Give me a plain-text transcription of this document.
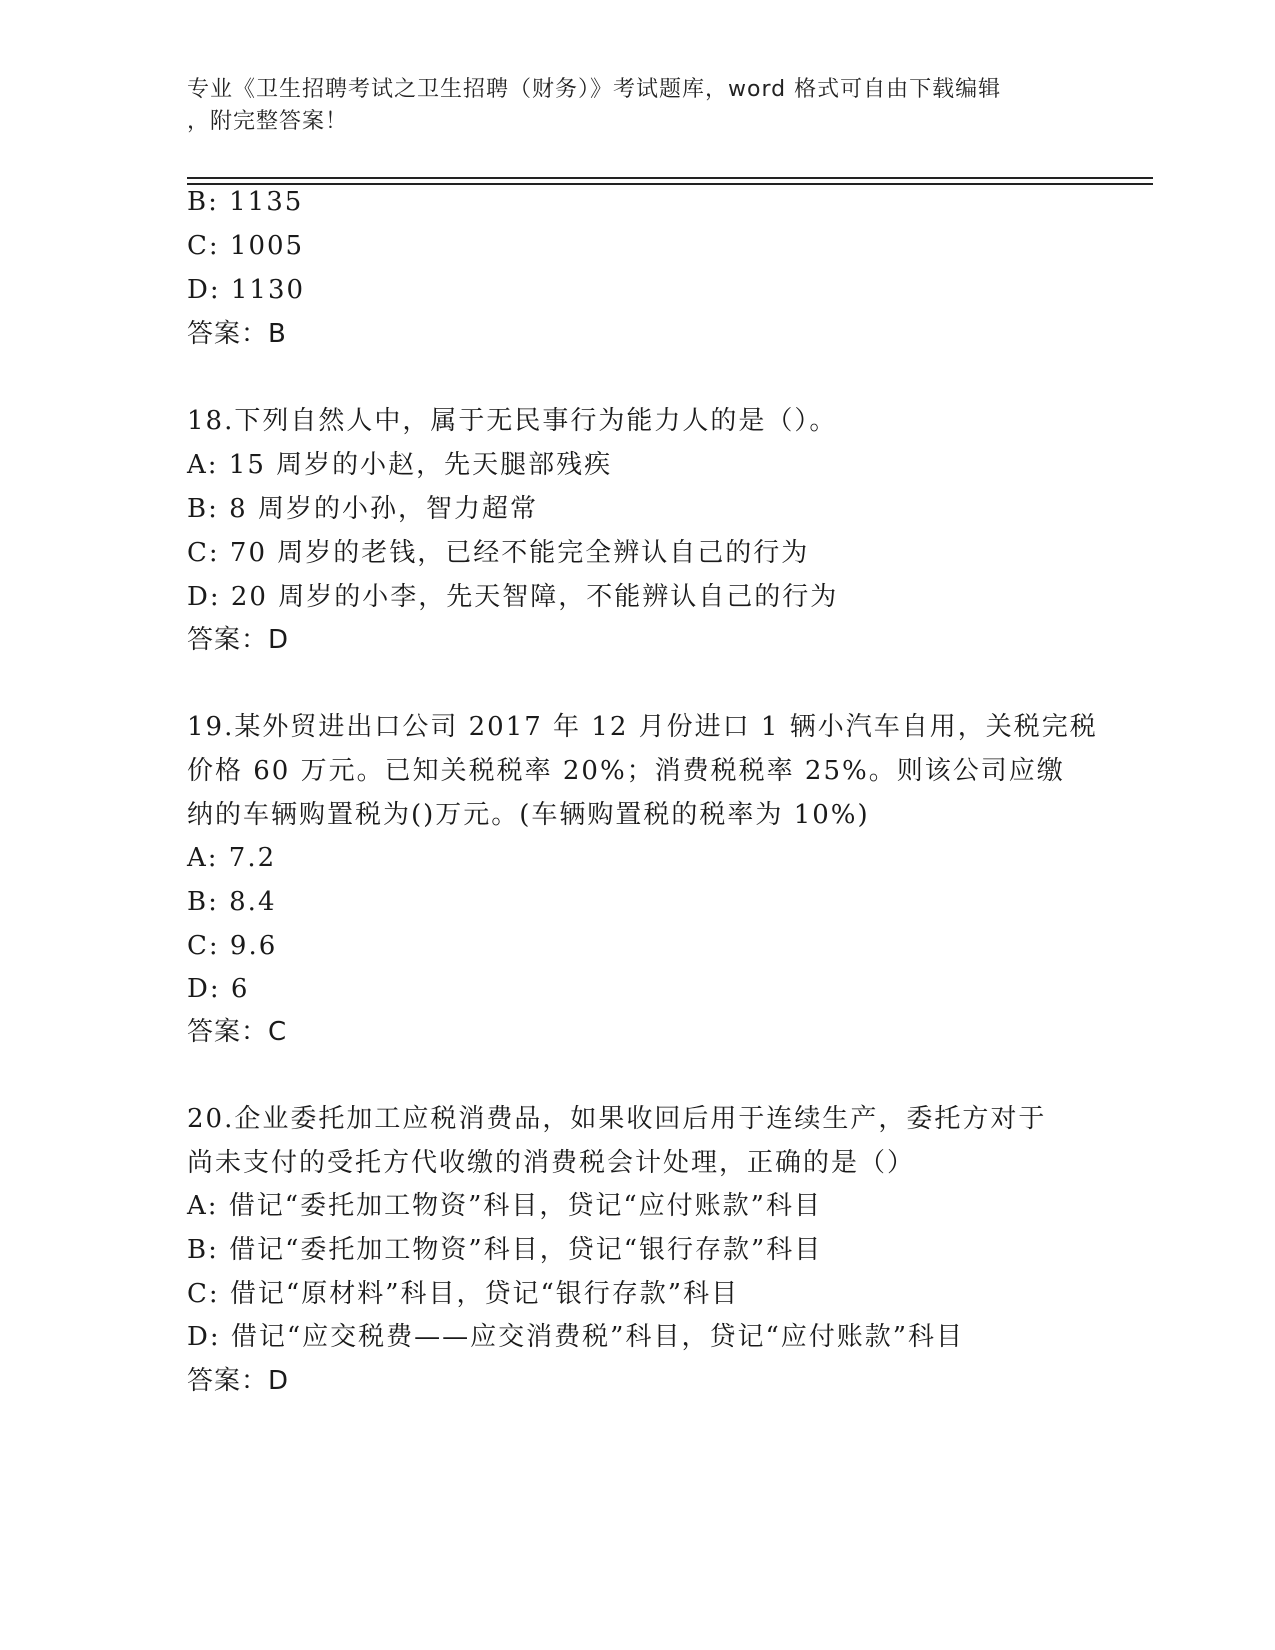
专业《卫生招聘考试之卫生招聘（财务）》考试题库，word 格式可自由下载编辑
，附完整答案！
B: 1135
C: 1005
D: 1130
答案：B
18.下列自然人中，属于无民事行为能力人的是（）。
A: 15 周岁的小赵，先天腿部残疾
B: 8 周岁的小孙，智力超常
C: 70 周岁的老钱，已经不能完全辨认自己的行为
D: 20 周岁的小李，先天智障，不能辨认自己的行为
答案：D
19.某外贸进出口公司 2017 年 12 月份进口 1 辆小汽车自用，关税完税
价格 60 万元。已知关税税率 20%；消费税税率 25%。则该公司应缴
纳的车辆购置税为()万元。(车辆购置税的税率为 10%)
A: 7.2
B: 8.4
C: 9.6
D: 6
答案：C
20.企业委托加工应税消费品，如果收回后用于连续生产，委托方对于
尚未支付的受托方代收缴的消费税会计处理，正确的是（）
A: 借记“委托加工物资”科目，贷记“应付账款”科目
B: 借记“委托加工物资”科目，贷记“银行存款”科目
C: 借记“原材料”科目，贷记“银行存款”科目
D: 借记“应交税费——应交消费税”科目，贷记“应付账款”科目
答案：D
